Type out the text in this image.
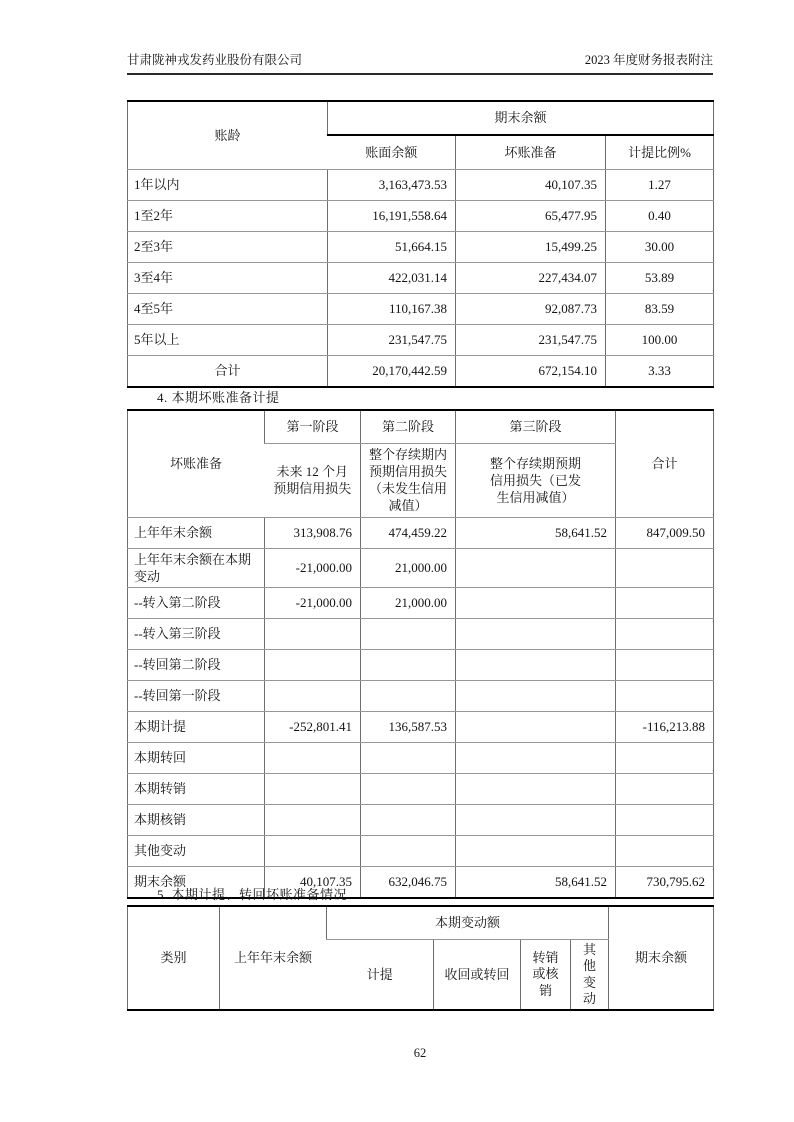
甘肃陇神戎发药业股份有限公司	2023 年度财务报表附注
账龄	期末余额		
	账面余额	坏账准备	计提比例%
1年以内	3,163,473.53	40,107.35	1.27
1至2年	16,191,558.64	65,477.95	0.40
2至3年	51,664.15	15,499.25	30.00
3至4年	422,031.14	227,434.07	53.89
4至5年	110,167.38	92,087.73	83.59
5年以上	231,547.75	231,547.75	100.00
合计	20,170,442.59	672,154.10	3.33
4. 本期坏账准备计提
坏账准备	第一阶段	第二阶段	第三阶段	合计
	未来 12 个月预期信用损失	整个存续期内预期信用损失（未发生信用减值）	整个存续期预期信用损失（已发生信用减值）	

上年年末余额	313,908.76	474,459.22	58,641.52	847,009.50
上年年末余额在本期变动	-21,000.00	21,000.00		
--转入第二阶段	-21,000.00	21,000.00		
--转入第三阶段				
--转回第二阶段				
--转回第一阶段				
本期计提	-252,801.41	136,587.53		-116,213.88
本期转回				
本期转销				
本期核销				
其他变动				
期末余额	40,107.35	632,046.75	58,641.52	730,795.62
5. 本期计提、转回坏账准备情况
类别	上年年末余额	本期变动额				期末余额
		计提	收回或转回	转销或核销	其他变动	
62
